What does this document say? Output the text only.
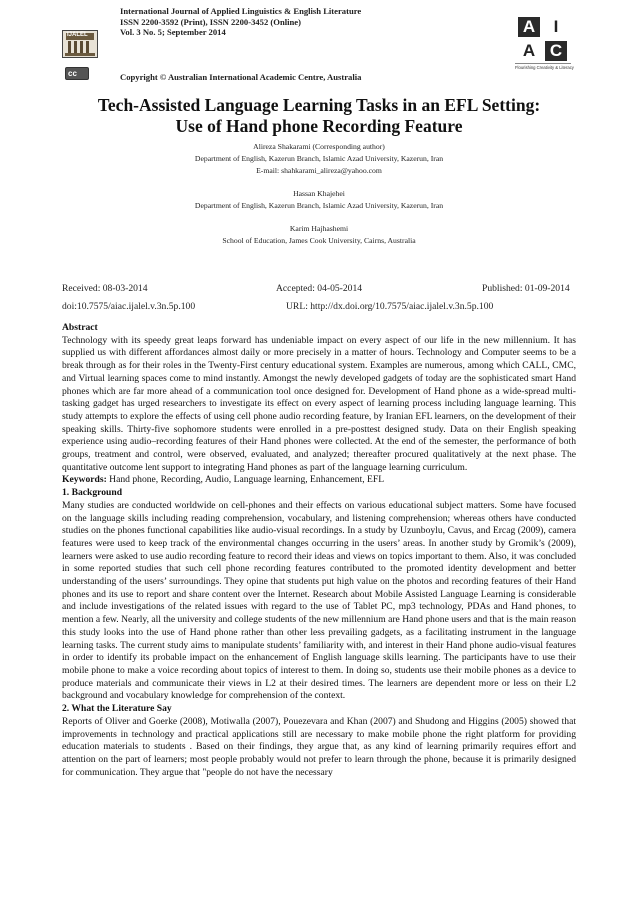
IJALEL
International Journal of Applied Linguistics & English Literature
ISSN 2200-3592 (Print), ISSN 2200-3452 (Online)
Vol. 3 No. 5; September 2014
cc	Copyright © Australian International Academic Centre, Australia
A	I
A C
Flourishing Creativity & Literacy
Tech-Assisted Language Learning Tasks in an EFL Setting:
Use of Hand phone Recording Feature
Alireza Shakarami (Corresponding author)
Department of English, Kazerun Branch, Islamic Azad University, Kazerun, Iran
E-mail: shahkarami_alireza@yahoo.com
Hassan Khajehei
Department of English, Kazerun Branch, Islamic Azad University, Kazerun, Iran
Karim Hajhashemi
School of Education, James Cook University, Cairns, Australia
Received: 08-03-2014	Accepted: 04-05-2014	Published: 01-09-2014
doi:10.7575/aiac.ijalel.v.3n.5p.100	URL: http://dx.doi.org/10.7575/aiac.ijalel.v.3n.5p.100

Abstract

Technology with its speedy great leaps forward has undeniable impact on every aspect of our life in the new millennium. It has supplied us with different affordances almost daily or more precisely in a matter of hours. Technology and Computer seems to be a break through as for their roles in the Twenty-First century educational system. Examples are numerous, among which CALL, CMC, and Virtual learning spaces come to mind instantly. Amongst the newly developed gadgets of today are the sophisticated smart Hand phones which are far more ahead of a communication tool once designed for. Development of Hand phone as a wide-spread multi-tasking gadget has urged researchers to investigate its effect on every aspect of learning process including language learning. This study attempts to explore the effects of using cell phone audio recording feature, by Iranian EFL learners, on the development of their speaking skills. Thirty-five sophomore students were enrolled in a pre-posttest designed study. Data on their English speaking experience using audio–recording features of their Hand phones were collected. At the end of the semester, the performance of both groups, treatment and control, were observed, evaluated, and analyzed; thereafter procured qualitatively at the next phase. The quantitative outcome lent support to integrating Hand phones as part of the language learning curriculum.

Keywords: Hand phone, Recording, Audio, Language learning, Enhancement, EFL

1. Background

Many studies are conducted worldwide on cell-phones and their effects on various educational subject matters. Some have focused on the language skills including reading comprehension, vocabulary, and listening comprehension; whereas others have conducted studies on the phones functional capabilities like audio-visual recordings. In a study by Uzunboylu, Cavus, and Ercag (2009), camera features were used to keep track of the environmental changes occurring in the users’ areas. In another study by Gromik’s (2009), learners were asked to use audio recording feature to record their ideas and views on topics important to them. Also, it was concluded in some reported studies that such cell phone recording features contributed to the promoted identity development and better understanding of the users’ surroundings. They opine that students put high value on the photos and recording features of their Hand phones and its use to report and share content over the Internet. Research about Mobile Assisted Language Learning is considerable and include investigations of the related issues with regard to the use of Tablet PC, mp3 technology, PDAs and Hand phones, to mention a few. Nearly, all the university and college students of the new millennium are Hand phone users and that is the main reason this study looks into the use of Hand phone rather than other less prevailing gadgets, as a facilitating instrument in the language learning tasks. The current study aims to manipulate students’ familiarity with, and interest in their Hand phone audio-visual features in order to identify its probable impact on the enhancement of English language skills learning. The participants have to use their mobile phone to make a voice recording about topics of interest to them. In doing so, students use their mobile phones as a device to produce materials and communicate their views in L2 at their desired times. The learners are dependent more or less on their L2 background and vocabulary knowledge for comprehension of the context.

2. What the Literature Say

Reports of Oliver and Goerke (2008), Motiwalla (2007), Pouezevara and Khan (2007) and Shudong and Higgins (2005) showed that improvements in technology and practical applications still are necessary to make mobile phone the right platform for providing education materials to students . Based on their findings, they argue that, as any kind of learning primarily requires effort and attention on the part of learners; most people probably would not prefer to learn through the phone, because it is primarily designed for communication. They argue that "people do not have the necessary
